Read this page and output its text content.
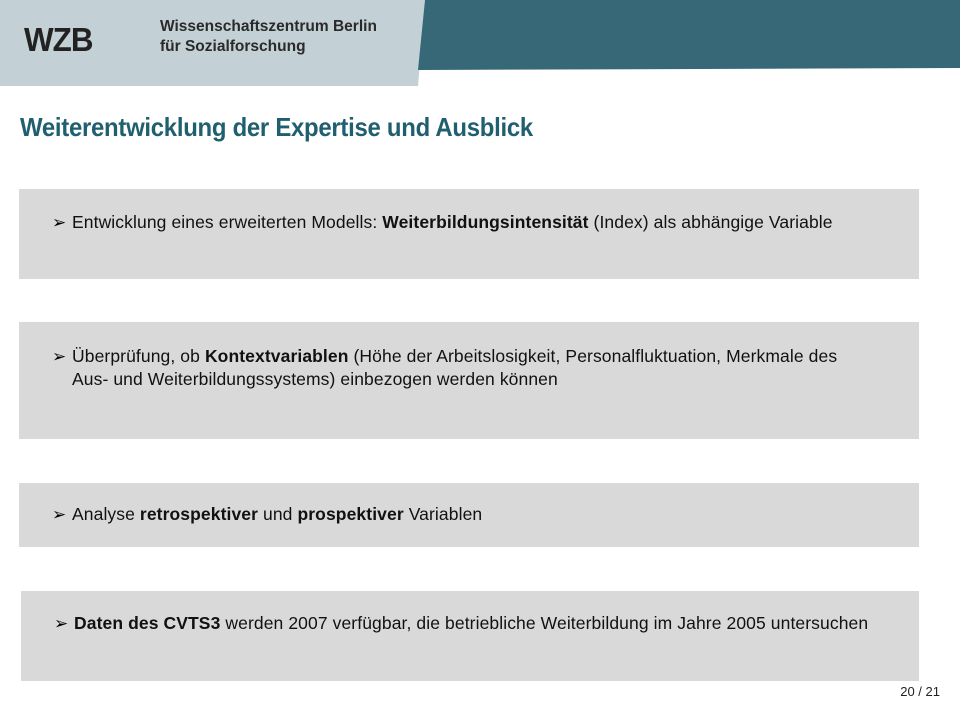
WZB	Wissenschaftszentrum Berlin
für Sozialforschung
Weiterentwicklung der Expertise und Ausblick
➢ Entwicklung eines erweiterten Modells: Weiterbildungsintensität (Index) als abhängige Variable
➢ Überprüfung, ob Kontextvariablen (Höhe der Arbeitslosigkeit, Personalfluktuation, Merkmale des Aus- und Weiterbildungssystems) einbezogen werden können
➢ Analyse retrospektiver und prospektiver Variablen
➢ Daten des CVTS3 werden 2007 verfügbar, die betriebliche Weiterbildung im Jahre 2005 untersuchen
20 / 21
